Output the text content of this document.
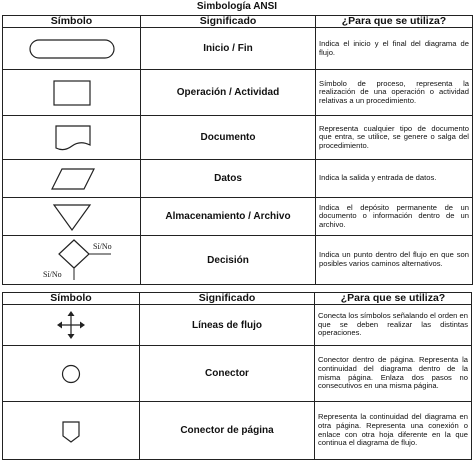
Simbología ANSI
Símbolo	Significado	¿Para que se utiliza?

	Inicio / Fin	Indica el inicio y el final del diagrama de flujo.

	Operación / Actividad	Símbolo de proceso, representa la realización de una operación o actividad relativas a un procedimiento.

	Documento	Representa cualquier tipo de documento que entra, se utilice, se genere o salga del procedimiento.

	Datos	Indica la salida y entrada de datos.

	Almacenamiento / Archivo	Indica el depósito permanente de un documento o información dentro de un archivo.

Sí/No
Sí/No	Decisión	Indica un punto dentro del flujo en que son posibles varios caminos alternativos.
Símbolo	Significado	¿Para que se utiliza?

	Líneas de flujo	Conecta los símbolos señalando el orden en que se deben realizar las distintas operaciones.

	Conector	Conector dentro de página. Representa la continuidad del diagrama dentro de la misma página. Enlaza dos pasos no consecutivos en una misma página.

	Conector de página	Representa la continuidad del diagrama en otra página. Representa una conexión o enlace con otra hoja diferente en la que continua el diagrama de flujo.
